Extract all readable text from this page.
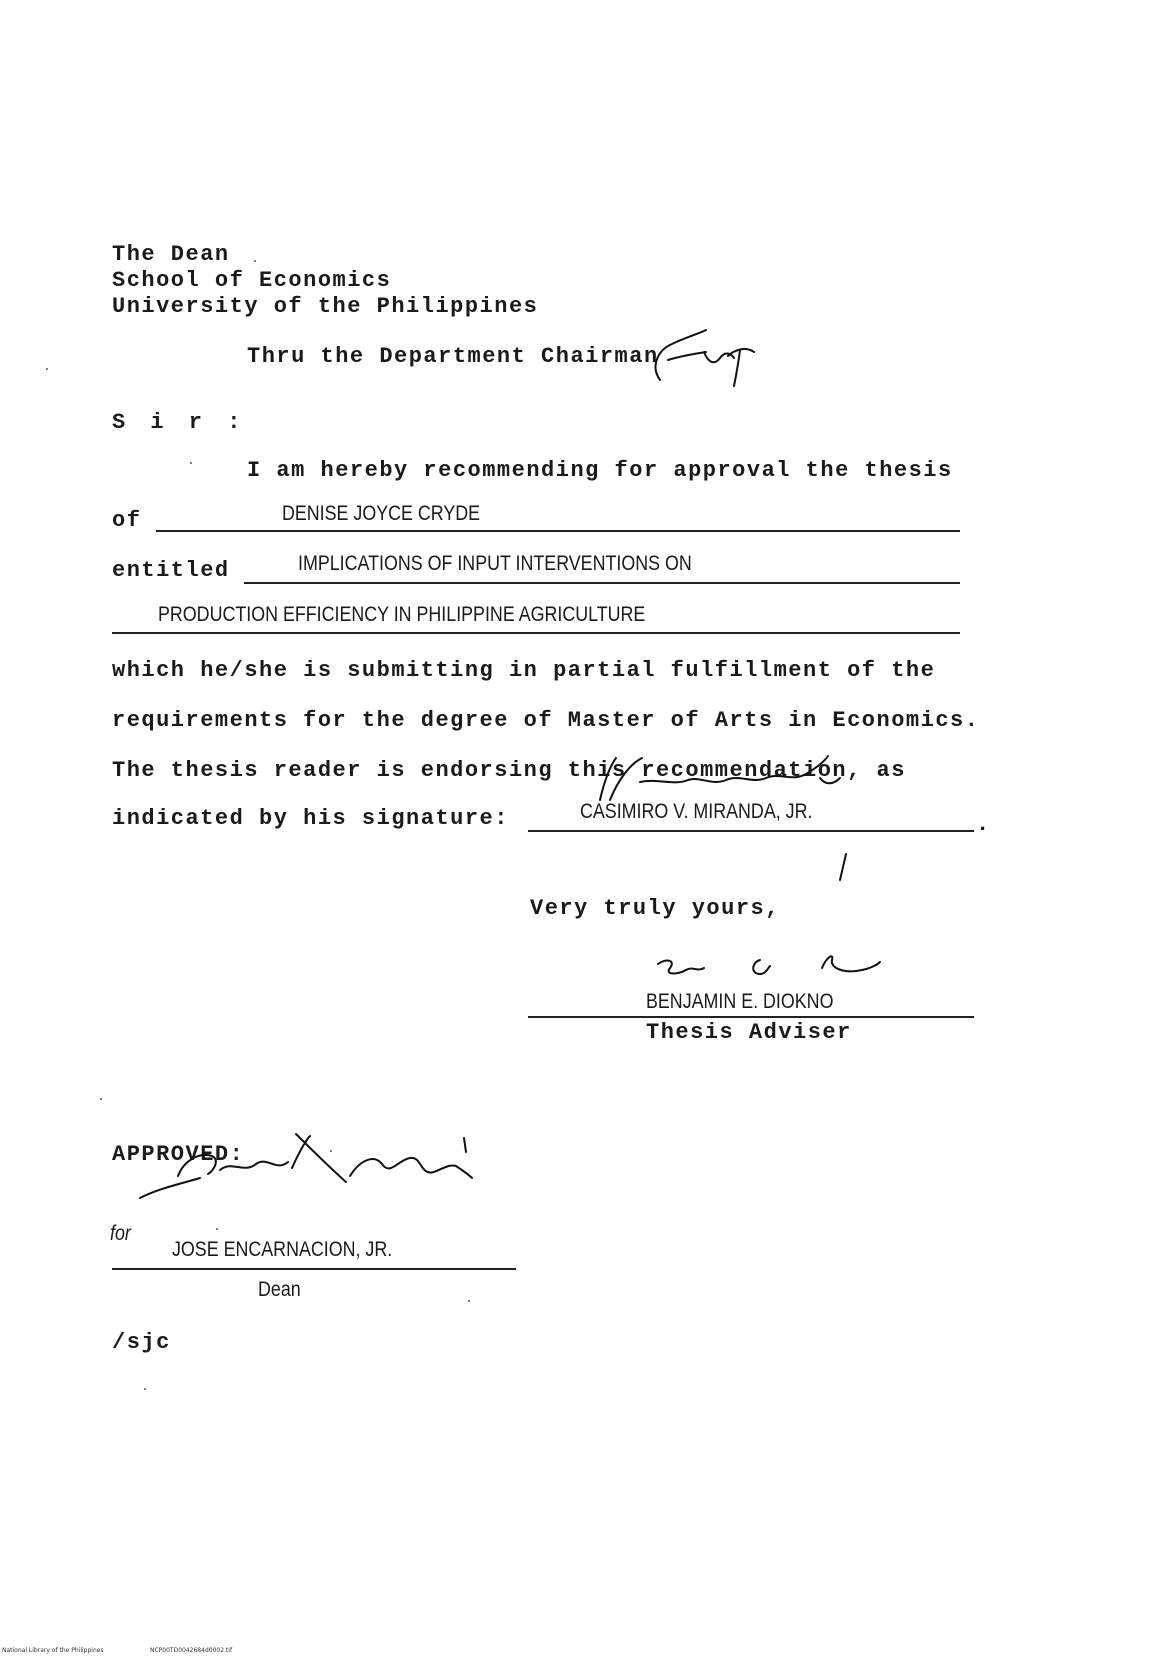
The Dean
School of Economics
University of the Philippines
Thru the Department Chairman
S i r :
I am hereby recommending for approval the thesis
of	DENISE JOYCE CRYDE
entitled	IMPLICATIONS OF INPUT INTERVENTIONS ON
PRODUCTION EFFICIENCY IN PHILIPPINE AGRICULTURE
which he/she is submitting in partial fulfillment of the
requirements for the degree of Master of Arts in Economics.
The thesis reader is endorsing this recommendation, as
indicated by his signature:	CASIMIRO V. MIRANDA, JR.
.
Very truly yours,
BENJAMIN E. DIOKNO
Thesis Adviser
APPROVED:
for
JOSE ENCARNACION, JR.
Dean
/sjc
National Library of the Philippines	NCP00TD0042684d0002.tif
